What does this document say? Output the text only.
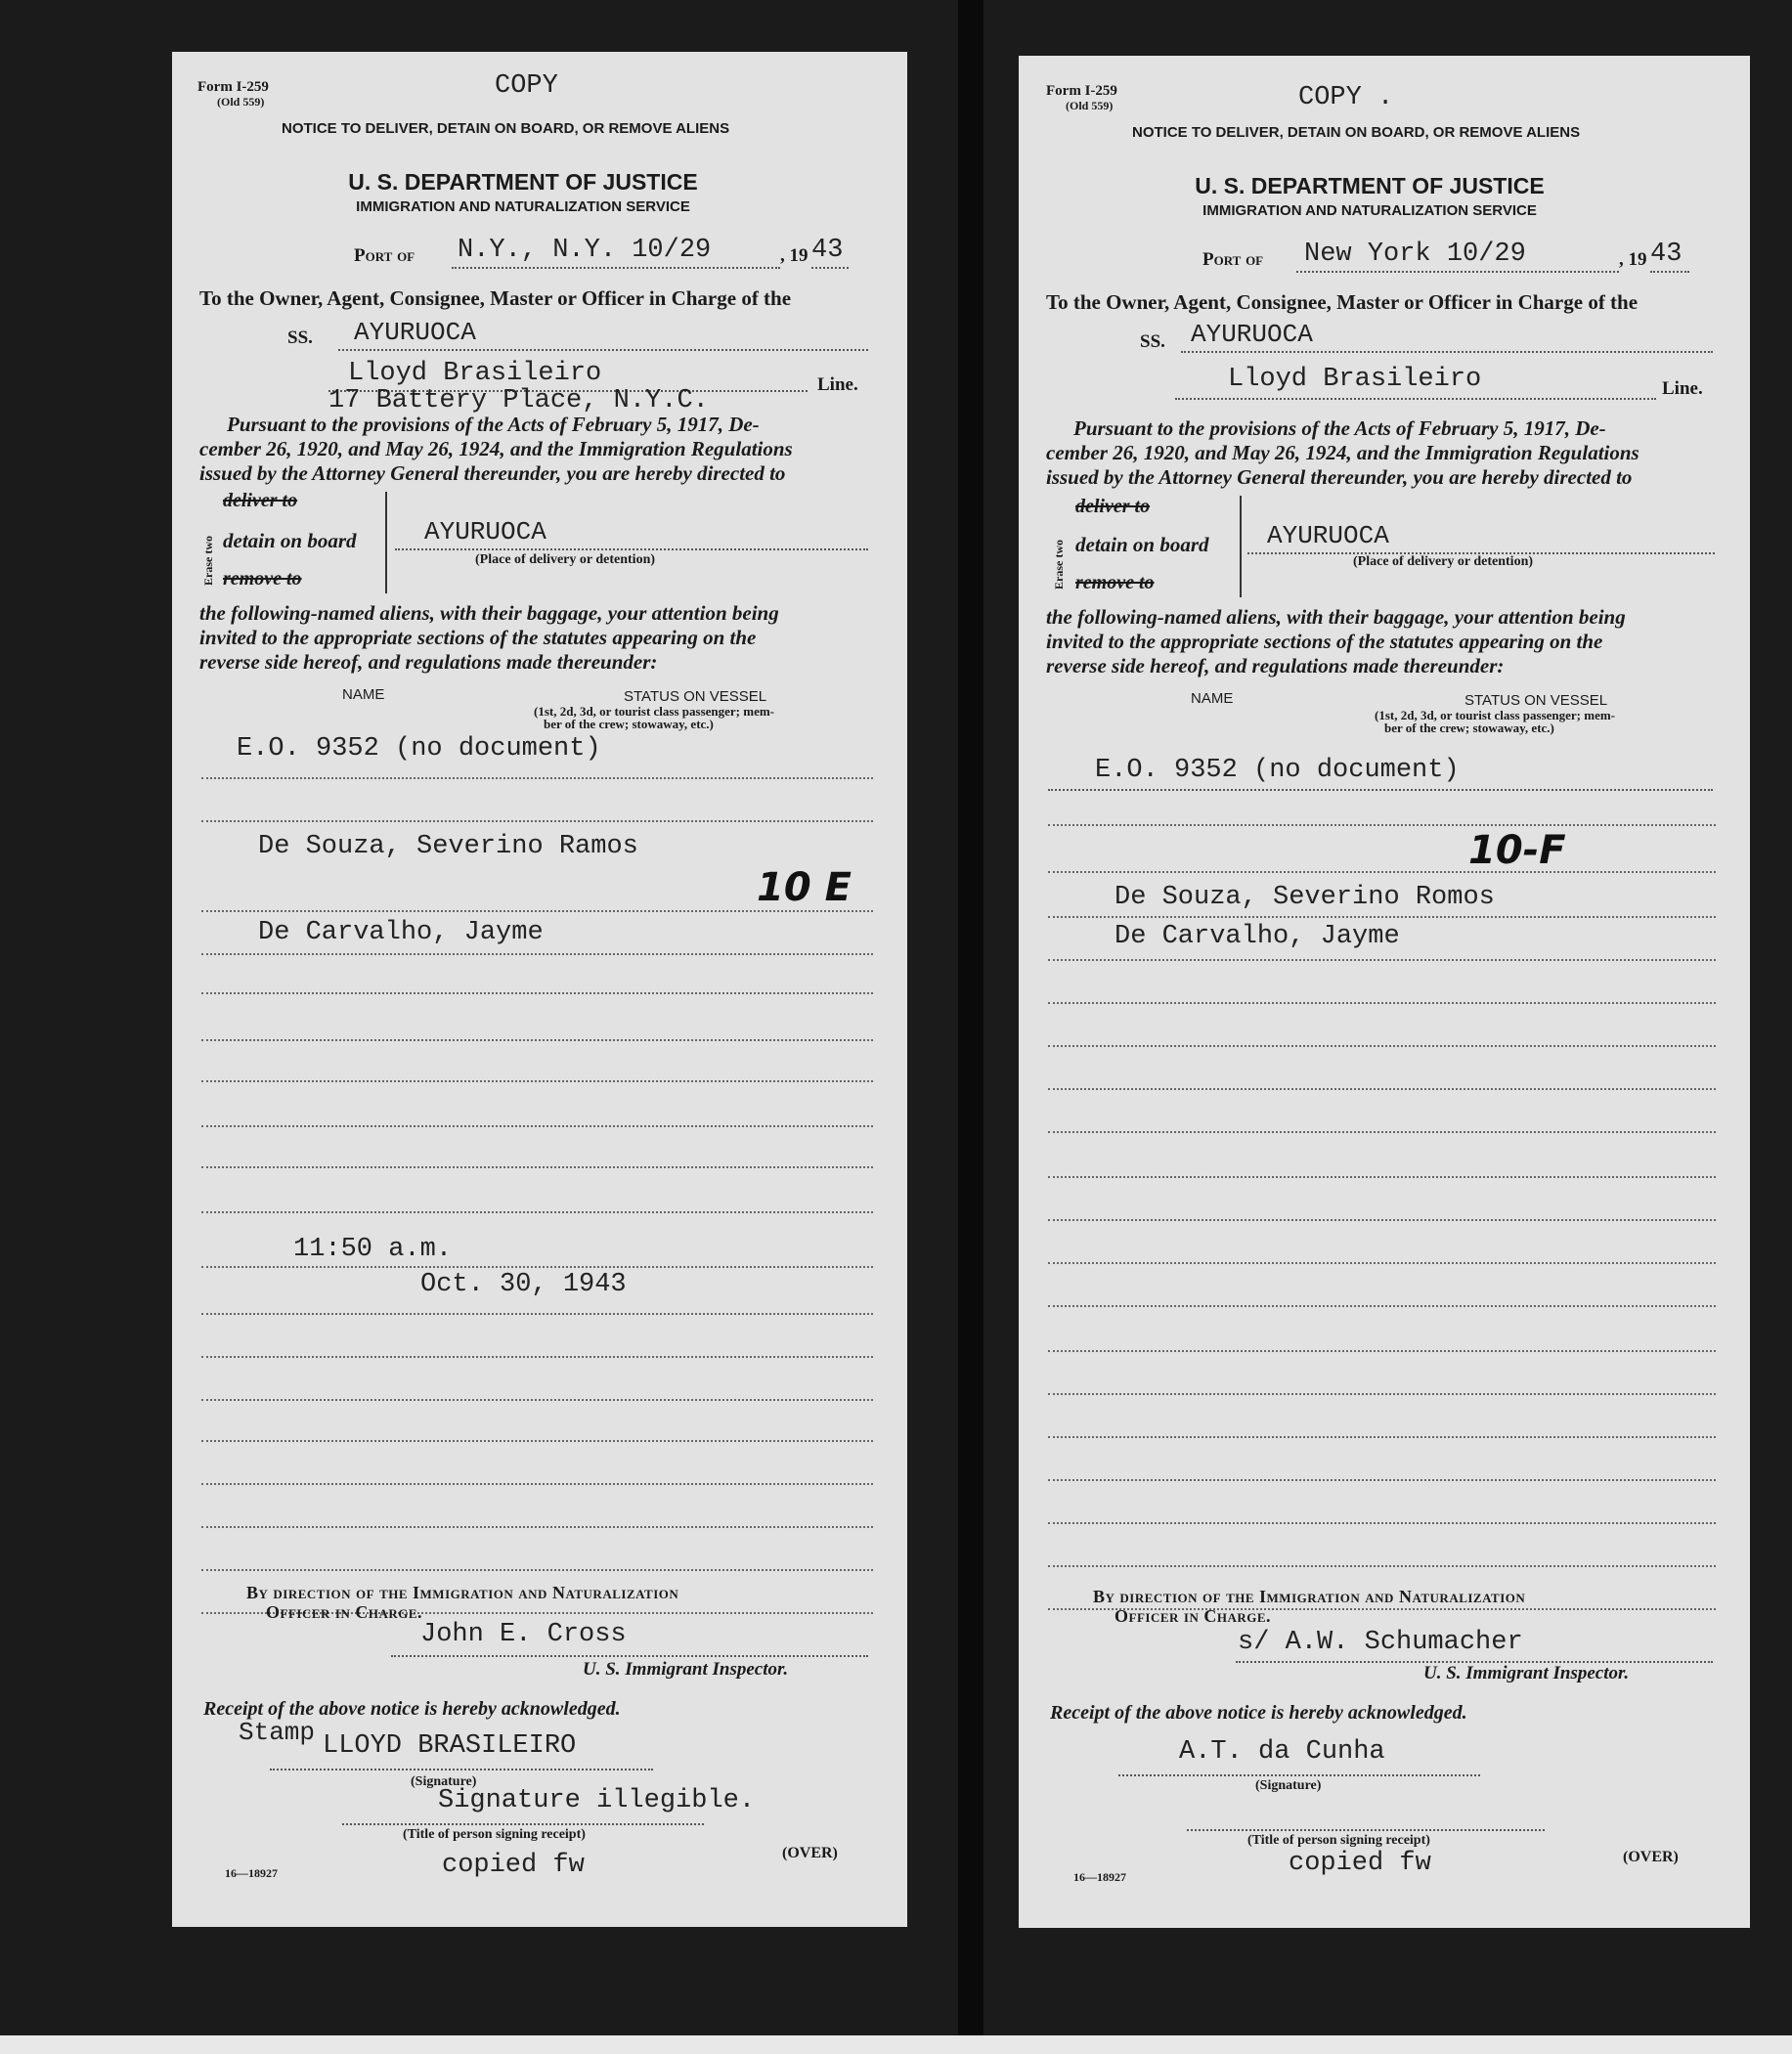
Form I-259
(Old 559)
COPY
NOTICE TO DELIVER, DETAIN ON BOARD, OR REMOVE ALIENS
U. S. DEPARTMENT OF JUSTICE
IMMIGRATION AND NATURALIZATION SERVICE
Port of N.Y., N.Y. 10/29	, 19 43
To the Owner, Agent, Consignee, Master or Officer in Charge of the
SS.	AYURUOCA
Lloyd Brasileiro	Line.
17 Battery Place, N.Y.C.
Pursuant to the provisions of the Acts of February 5, 1917, De-
cember 26, 1920, and May 26, 1924, and the Immigration Regulations
issued by the Attorney General thereunder, you are hereby directed to
Erase two
deliver to
detain on board
remove to
AYURUOCA
(Place of delivery or detention)
the following-named aliens, with their baggage, your attention being
invited to the appropriate sections of the statutes appearing on the
reverse side hereof, and regulations made thereunder:
NAME	STATUS ON VESSEL
(1st, 2d, 3d, or tourist class passenger; mem-
ber of the crew; stowaway, etc.)
E.O. 9352 (no document)
De Souza, Severino Ramos
10 E
De Carvalho, Jayme
11:50 a.m.
Oct. 30, 1943
By direction of the Immigration and Naturalization
Officer in Charge.
John E. Cross
U. S. Immigrant Inspector.
Receipt of the above notice is hereby acknowledged.
Stamp LLOYD BRASILEIRO
(Signature)
Signature illegible.
(Title of person signing receipt)
16—18927	copied fw	(OVER)
Form I-259
(Old 559)	COPY .
NOTICE TO DELIVER, DETAIN ON BOARD, OR REMOVE ALIENS
U. S. DEPARTMENT OF JUSTICE
IMMIGRATION AND NATURALIZATION SERVICE
Port of New York 10/29	, 19 43
To the Owner, Agent, Consignee, Master or Officer in Charge of the
SS.	AYURUOCA
Lloyd Brasileiro	Line.
Pursuant to the provisions of the Acts of February 5, 1917, De-
cember 26, 1920, and May 26, 1924, and the Immigration Regulations
issued by the Attorney General thereunder, you are hereby directed to
Erase two
deliver to
detain on board
remove to
AYURUOCA
(Place of delivery or detention)
the following-named aliens, with their baggage, your attention being
invited to the appropriate sections of the statutes appearing on the
reverse side hereof, and regulations made thereunder:
NAME	STATUS ON VESSEL
(1st, 2d, 3d, or tourist class passenger; mem-
ber of the crew; stowaway, etc.)
E.O. 9352 (no document)
10-F
De Souza, Severino Romos
De Carvalho, Jayme
By direction of the Immigration and Naturalization
Officer in Charge.
s/ A.W. Schumacher
U. S. Immigrant Inspector.
Receipt of the above notice is hereby acknowledged.
A.T. da Cunha
(Signature)
(Title of person signing receipt)
16—18927	copied fw	(OVER)
